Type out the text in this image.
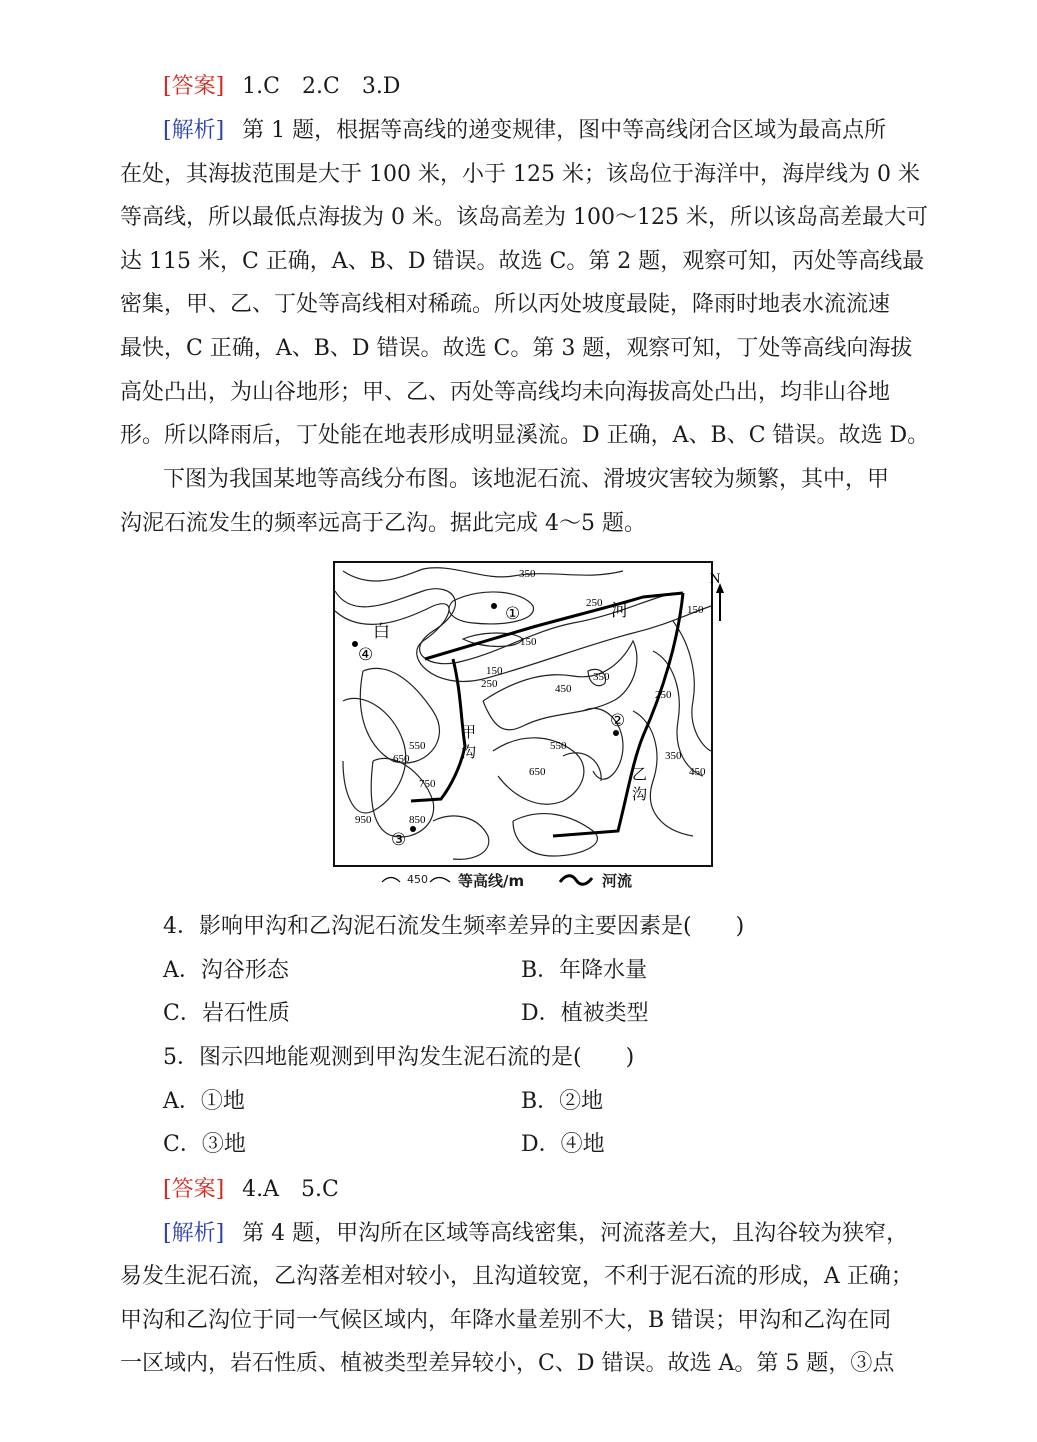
[答案] 1.C　2.C　3.D
[解析] 第 1 题，根据等高线的递变规律，图中等高线闭合区域为最高点所
在处，其海拔范围是大于 100 米，小于 125 米；该岛位于海洋中，海岸线为 0 米
等高线，所以最低点海拔为 0 米。该岛高差为 100～125 米，所以该岛高差最大可
达 115 米，C 正确，A、B、D 错误。故选 C。第 2 题，观察可知，丙处等高线最
密集，甲、乙、丁处等高线相对稀疏。所以丙处坡度最陡，降雨时地表水流流速
最快，C 正确，A、B、D 错误。故选 C。第 3 题，观察可知，丁处等高线向海拔
高处凸出，为山谷地形；甲、乙、丙处等高线均未向海拔高处凸出，均非山谷地
形。所以降雨后，丁处能在地表形成明显溪流。D 正确，A、B、C 错误。故选 D。
下图为我国某地等高线分布图。该地泥石流、滑坡灾害较为频繁，其中，甲
沟泥石流发生的频率远高于乙沟。据此完成 4～5 题。
N
①
④
②
③
白
河
甲
沟
乙
沟
350
250
150
150
150
250	450
350
250
550
650
750
550
650
350
450
950	850
450 等高线/m	河流
4．影响甲沟和乙沟泥石流发生频率差异的主要因素是(　　)
A．沟谷形态	B．年降水量
C．岩石性质	D．植被类型
5．图示四地能观测到甲沟发生泥石流的是(　　)
A．①地	B．②地
C．③地	D．④地
[答案] 4.A　5.C
[解析] 第 4 题，甲沟所在区域等高线密集，河流落差大，且沟谷较为狭窄，
易发生泥石流，乙沟落差相对较小，且沟道较宽，不利于泥石流的形成，A 正确；
甲沟和乙沟位于同一气候区域内，年降水量差别不大，B 错误；甲沟和乙沟在同
一区域内，岩石性质、植被类型差异较小，C、D 错误。故选 A。第 5 题，③点
